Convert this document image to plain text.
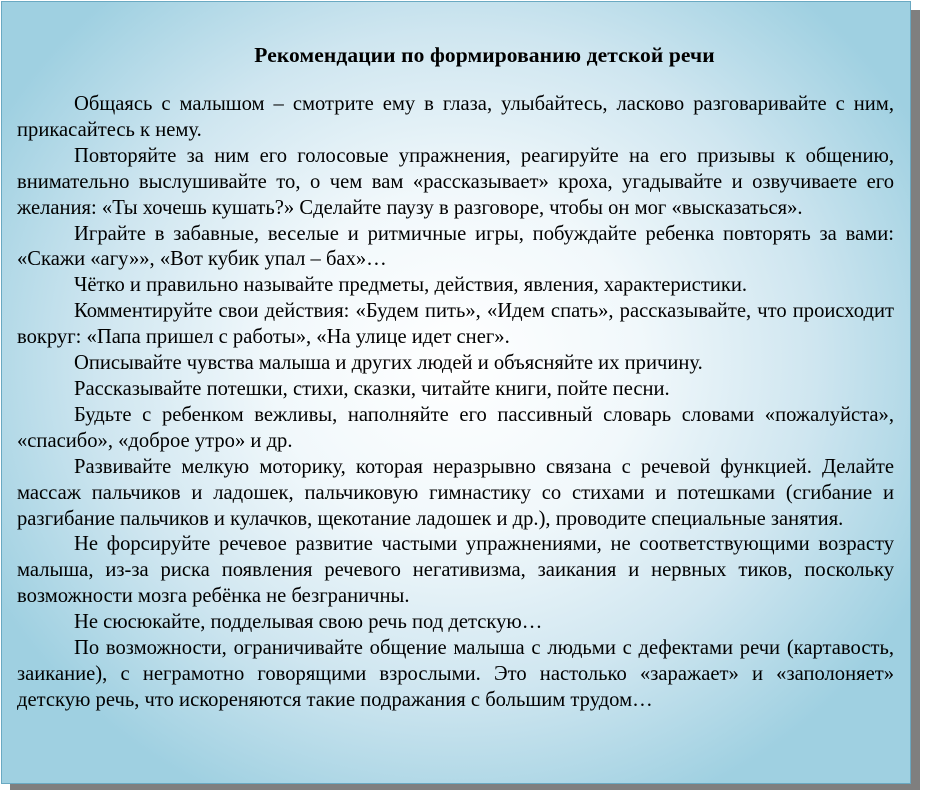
Рекомендации по формированию детской речи

Общаясь с малышом – смотрите ему в глаза, улыбайтесь, ласково разговаривайте с ним, прикасайтесь к нему.

Повторяйте за ним его голосовые упражнения, реагируйте на его призывы к общению, внимательно выслушивайте то, о чем вам «рассказывает» кроха, угадывайте и озвучиваете его желания: «Ты хочешь кушать?» Сделайте паузу в разговоре, чтобы он мог «высказаться».

Играйте в забавные, веселые и ритмичные игры, побуждайте ребенка повторять за вами: «Скажи «агу»», «Вот кубик упал – бах»…

Чётко и правильно называйте предметы, действия, явления, характеристики.

Комментируйте свои действия: «Будем пить», «Идем спать», рассказывайте, что происходит вокруг: «Папа пришел с работы», «На улице идет снег».

Описывайте чувства малыша и других людей и объясняйте их причину.

Рассказывайте потешки, стихи, сказки, читайте книги, пойте песни.

Будьте с ребенком вежливы, наполняйте его пассивный словарь словами «пожалуйста», «спасибо», «доброе утро» и др.

Развивайте мелкую моторику, которая неразрывно связана с речевой функцией. Делайте массаж пальчиков и ладошек, пальчиковую гимнастику со стихами и потешками (сгибание и разгибание пальчиков и кулачков, щекотание ладошек и др.), проводите специальные занятия.

Не форсируйте речевое развитие частыми упражнениями, не соответствующими возрасту малыша, из-за риска появления речевого негативизма, заикания и нервных тиков, поскольку возможности мозга ребёнка не безграничны.

Не сюсюкайте, подделывая свою речь под детскую…

По возможности, ограничивайте общение малыша с людьми с дефектами речи (картавость, заикание), с неграмотно говорящими взрослыми. Это настолько «заражает» и «заполоняет» детскую речь, что искореняются такие подражания с большим трудом…
